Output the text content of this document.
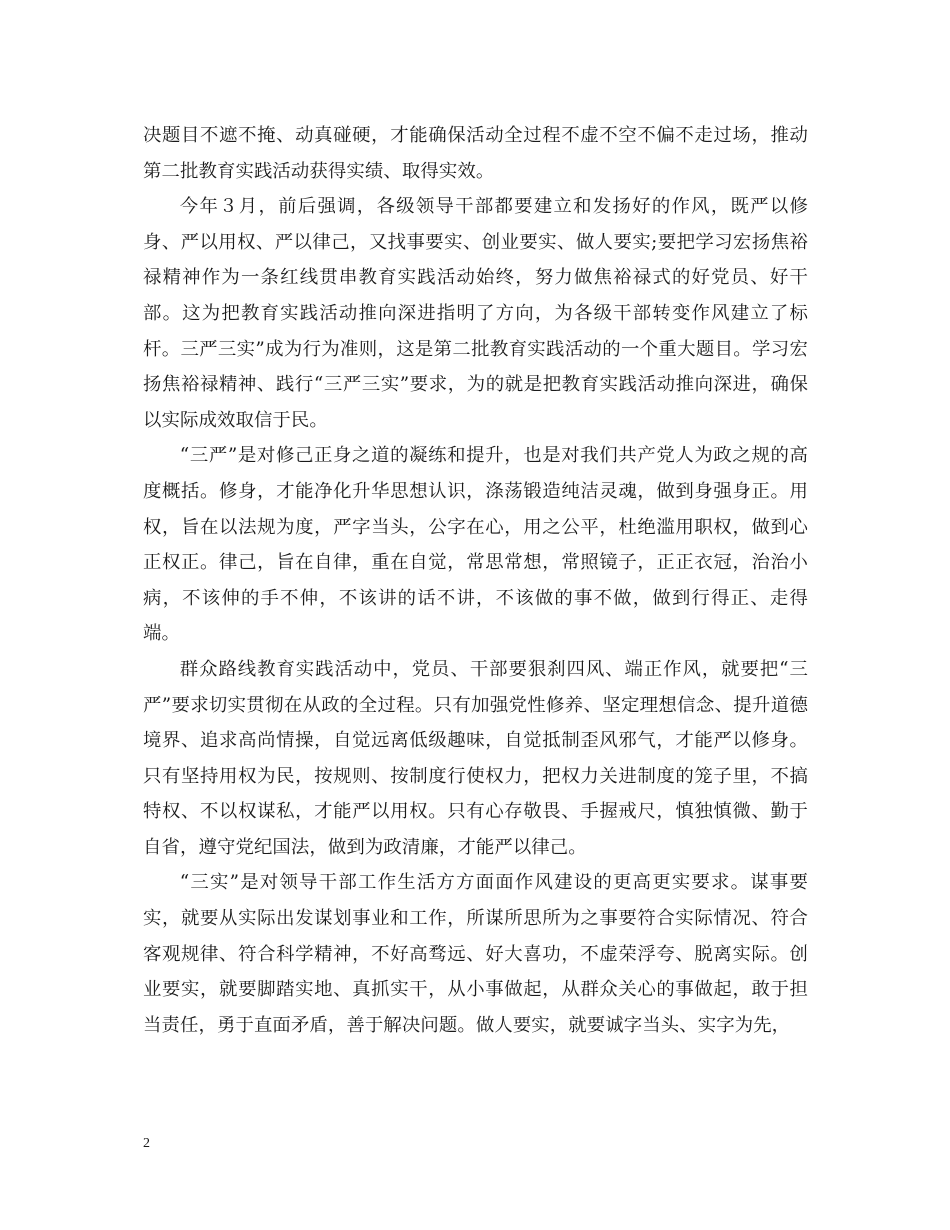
决题目不遮不掩、动真碰硬，才能确保活动全过程不虚不空不偏不走过场，推动第二批教育实践活动获得实绩、取得实效。

今年３月，前后强调，各级领导干部都要建立和发扬好的作风，既严以修身、严以用权、严以律己，又找事要实、创业要实、做人要实;要把学习宏扬焦裕禄精神作为一条红线贯串教育实践活动始终，努力做焦裕禄式的好党员、好干部。这为把教育实践活动推向深进指明了方向，为各级干部转变作风建立了标杆。三严三实”成为行为准则，这是第二批教育实践活动的一个重大题目。学习宏扬焦裕禄精神、践行“三严三实”要求，为的就是把教育实践活动推向深进，确保以实际成效取信于民。

“三严”是对修己正身之道的凝练和提升，也是对我们共产党人为政之规的高度概括。修身，才能净化升华思想认识，涤荡锻造纯洁灵魂，做到身强身正。用权，旨在以法规为度，严字当头，公字在心，用之公平，杜绝滥用职权，做到心正权正。律己，旨在自律，重在自觉，常思常想，常照镜子，正正衣冠，治治小病，不该伸的手不伸，不该讲的话不讲，不该做的事不做，做到行得正、走得端。

群众路线教育实践活动中，党员、干部要狠刹四风、端正作风，就要把“三严”要求切实贯彻在从政的全过程。只有加强党性修养、坚定理想信念、提升道德境界、追求高尚情操，自觉远离低级趣味，自觉抵制歪风邪气，才能严以修身。只有坚持用权为民，按规则、按制度行使权力，把权力关进制度的笼子里，不搞特权、不以权谋私，才能严以用权。只有心存敬畏、手握戒尺，慎独慎微、勤于自省，遵守党纪国法，做到为政清廉，才能严以律己。

“三实”是对领导干部工作生活方方面面作风建设的更高更实要求。谋事要实，就要从实际出发谋划事业和工作，所谋所思所为之事要符合实际情况、符合客观规律、符合科学精神，不好高骛远、好大喜功，不虚荣浮夸、脱离实际。创业要实，就要脚踏实地、真抓实干，从小事做起，从群众关心的事做起，敢于担当责任，勇于直面矛盾，善于解决问题。做人要实，就要诚字当头、实字为先，

2
